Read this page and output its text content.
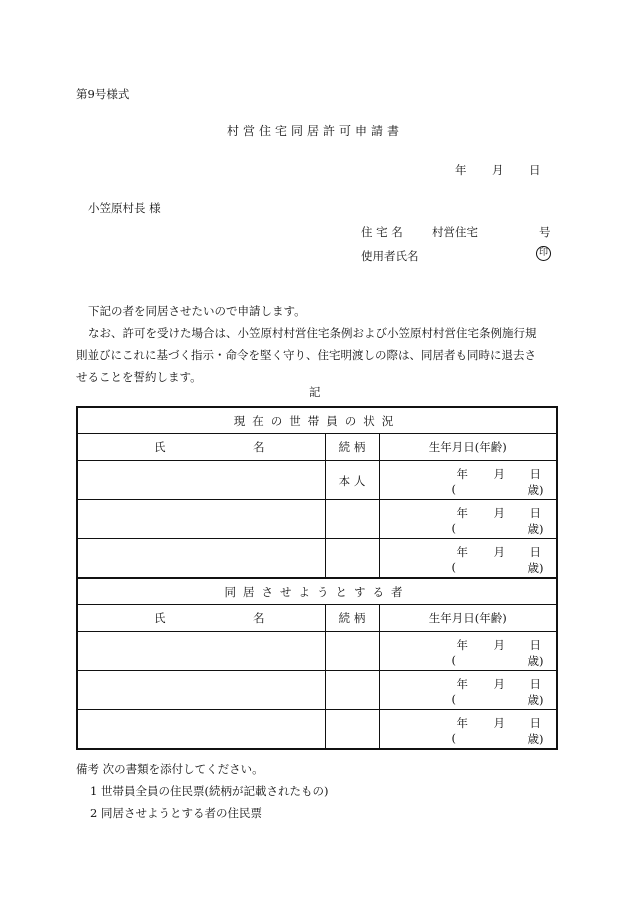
第9号様式
村営住宅同居許可申請書
年 月 日
小笠原村長 様
住 宅 名	村営住宅	号
使用者氏名	印
下記の者を同居させたいので申請します。
なお、許可を受けた場合は、小笠原村村営住宅条例および小笠原村村営住宅条例施行規
則並びにこれに基づく指示・命令を堅く守り、住宅明渡しの際は、同居者も同時に退去さ
せることを誓約します。
記
現在の世帯員の状況		

氏 名	続 柄	生年月日(年齢)

	本 人	年 月 日
( 歳)

		年 月 日
( 歳)

		年 月 日
( 歳)

同居させようとする者		

氏 名	続 柄	生年月日(年齢)

		年 月 日
( 歳)

		年 月 日
( 歳)

		年 月 日
( 歳)
備考 次の書類を添付してください。
1 世帯員全員の住民票(続柄が記載されたもの)
2 同居させようとする者の住民票
